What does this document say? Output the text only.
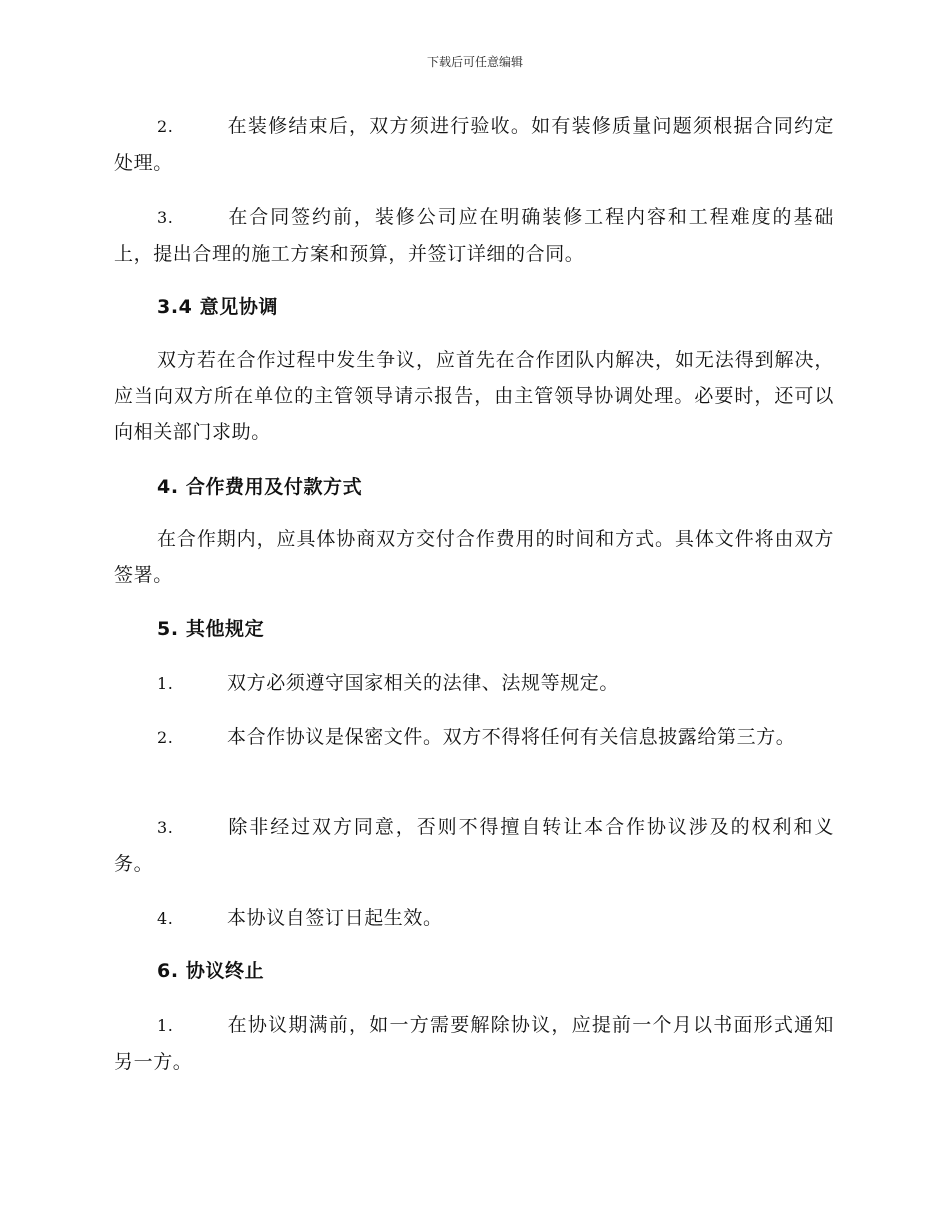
下载后可任意编辑
2.	在装修结束后，双方须进行验收。如有装修质量问题须根据合同约定处理。
3.	在合同签约前，装修公司应在明确装修工程内容和工程难度的基础上，提出合理的施工方案和预算，并签订详细的合同。
3.4 意见协调
双方若在合作过程中发生争议，应首先在合作团队内解决，如无法得到解决，应当向双方所在单位的主管领导请示报告，由主管领导协调处理。必要时，还可以向相关部门求助。
4. 合作费用及付款方式
在合作期内，应具体协商双方交付合作费用的时间和方式。具体文件将由双方签署。
5. 其他规定
1.	双方必须遵守国家相关的法律、法规等规定。
2.	本合作协议是保密文件。双方不得将任何有关信息披露给第三方。
3.	除非经过双方同意，否则不得擅自转让本合作协议涉及的权利和义务。
4.	本协议自签订日起生效。
6. 协议终止
1.	在协议期满前，如一方需要解除协议，应提前一个月以书面形式通知另一方。
